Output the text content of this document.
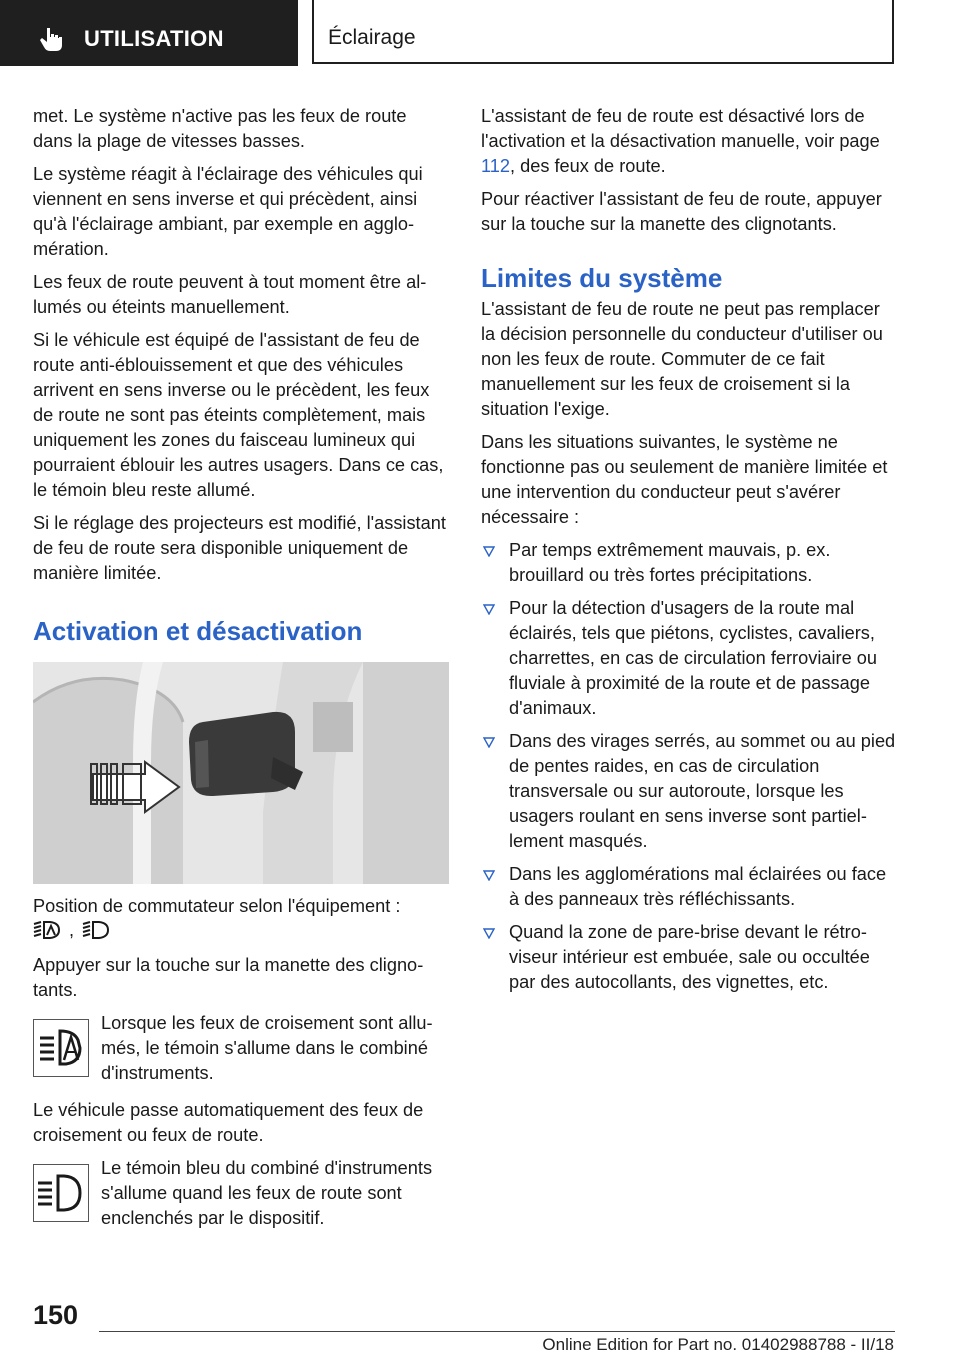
UTILISATION	Éclairage

met. Le système n'active pas les feux de route dans la plage de vitesses basses.

Le système réagit à l'éclairage des véhicules qui viennent en sens inverse et qui précèdent, ainsi qu'à l'éclairage ambiant, par exemple en agglomération.

Les feux de route peuvent à tout moment être allumés ou éteints manuellement.

Si le véhicule est équipé de l'assistant de feu de route anti-éblouissement et que des véhicules arrivent en sens inverse ou le précèdent, les feux de route ne sont pas éteints complètement, mais uniquement les zones du faisceau lumineux qui pourraient éblouir les autres usagers. Dans ce cas, le témoin bleu reste allumé.

Si le réglage des projecteurs est modifié, l'assistant de feu de route sera disponible uniquement de manière limitée.

Activation et désactivation

Position de commutateur selon l'équipement :

,

Appuyer sur la touche sur la manette des clignotants.

Lorsque les feux de croisement sont allumés, le témoin s'allume dans le combiné d'instruments.

Le véhicule passe automatiquement des feux de croisement ou feux de route.

Le témoin bleu du combiné d'instruments s'allume quand les feux de route sont enclenchés par le dispositif.

L'assistant de feu de route est désactivé lors de l'activation et la désactivation manuelle, voir page 112, des feux de route.

Pour réactiver l'assistant de feu de route, appuyer sur la touche sur la manette des clignotants.

Limites du système

L'assistant de feu de route ne peut pas remplacer la décision personnelle du conducteur d'utiliser ou non les feux de route. Commuter de ce fait manuellement sur les feux de croisement si la situation l'exige.

Dans les situations suivantes, le système ne fonctionne pas ou seulement de manière limitée et une intervention du conducteur peut s'avérer nécessaire :

Par temps extrêmement mauvais, p. ex. brouillard ou très fortes précipitations.
Pour la détection d'usagers de la route mal éclairés, tels que piétons, cyclistes, cavaliers, charrettes, en cas de circulation ferroviaire ou fluviale à proximité de la route et de passage d'animaux.
Dans des virages serrés, au sommet ou au pied de pentes raides, en cas de circulation transversale ou sur autoroute, lorsque les usagers roulant en sens inverse sont partiellement masqués.
Dans les agglomérations mal éclairées ou face à des panneaux très réfléchissants.
Quand la zone de pare-brise devant le rétroviseur intérieur est embuée, sale ou occultée par des autocollants, des vignettes, etc.
150
Online Edition for Part no. 01402988788 - II/18
